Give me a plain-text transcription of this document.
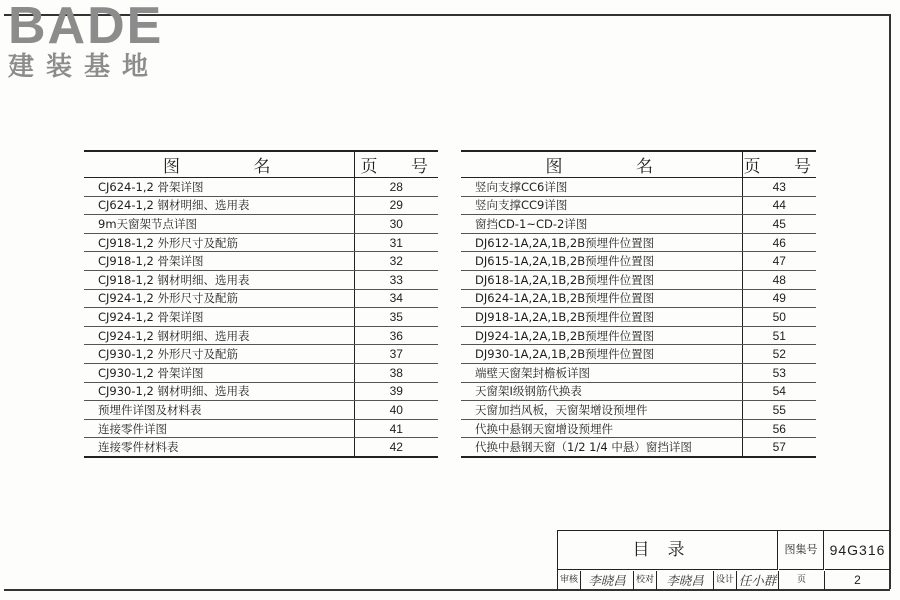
BADE
建装基地
图 名	页 号
CJ624-1,2 骨架详图	28
CJ624-1,2 钢材明细、选用表	29
9m天窗架节点详图	30
CJ918-1,2 外形尺寸及配筋	31
CJ918-1,2 骨架详图	32
CJ918-1,2 钢材明细、选用表	33
CJ924-1,2 外形尺寸及配筋	34
CJ924-1,2 骨架详图	35
CJ924-1,2 钢材明细、选用表	36
CJ930-1,2 外形尺寸及配筋	37
CJ930-1,2 骨架详图	38
CJ930-1,2 钢材明细、选用表	39
预埋件详图及材料表	40
连接零件详图	41
连接零件材料表	42
图 名	页 号
竖向支撑CC6详图	43
竖向支撑CC9详图	44
窗挡CD-1~CD-2详图	45
DJ612-1A,2A,1B,2B预埋件位置图	46
DJ615-1A,2A,1B,2B预埋件位置图	47
DJ618-1A,2A,1B,2B预埋件位置图	48
DJ624-1A,2A,1B,2B预埋件位置图	49
DJ918-1A,2A,1B,2B预埋件位置图	50
DJ924-1A,2A,1B,2B预埋件位置图	51
DJ930-1A,2A,1B,2B预埋件位置图	52
端壁天窗架封檐板详图	53
天窗架Ⅰ级钢筋代换表	54
天窗加挡风板，天窗架增设预埋件	55
代换中悬钢天窗增设预埋件	56
代换中悬钢天窗（1/2 1/4 中悬）窗挡详图	57
目录	图集号 94G316
审核 李晓昌	校对 李晓昌	设计 任小群	页	2
